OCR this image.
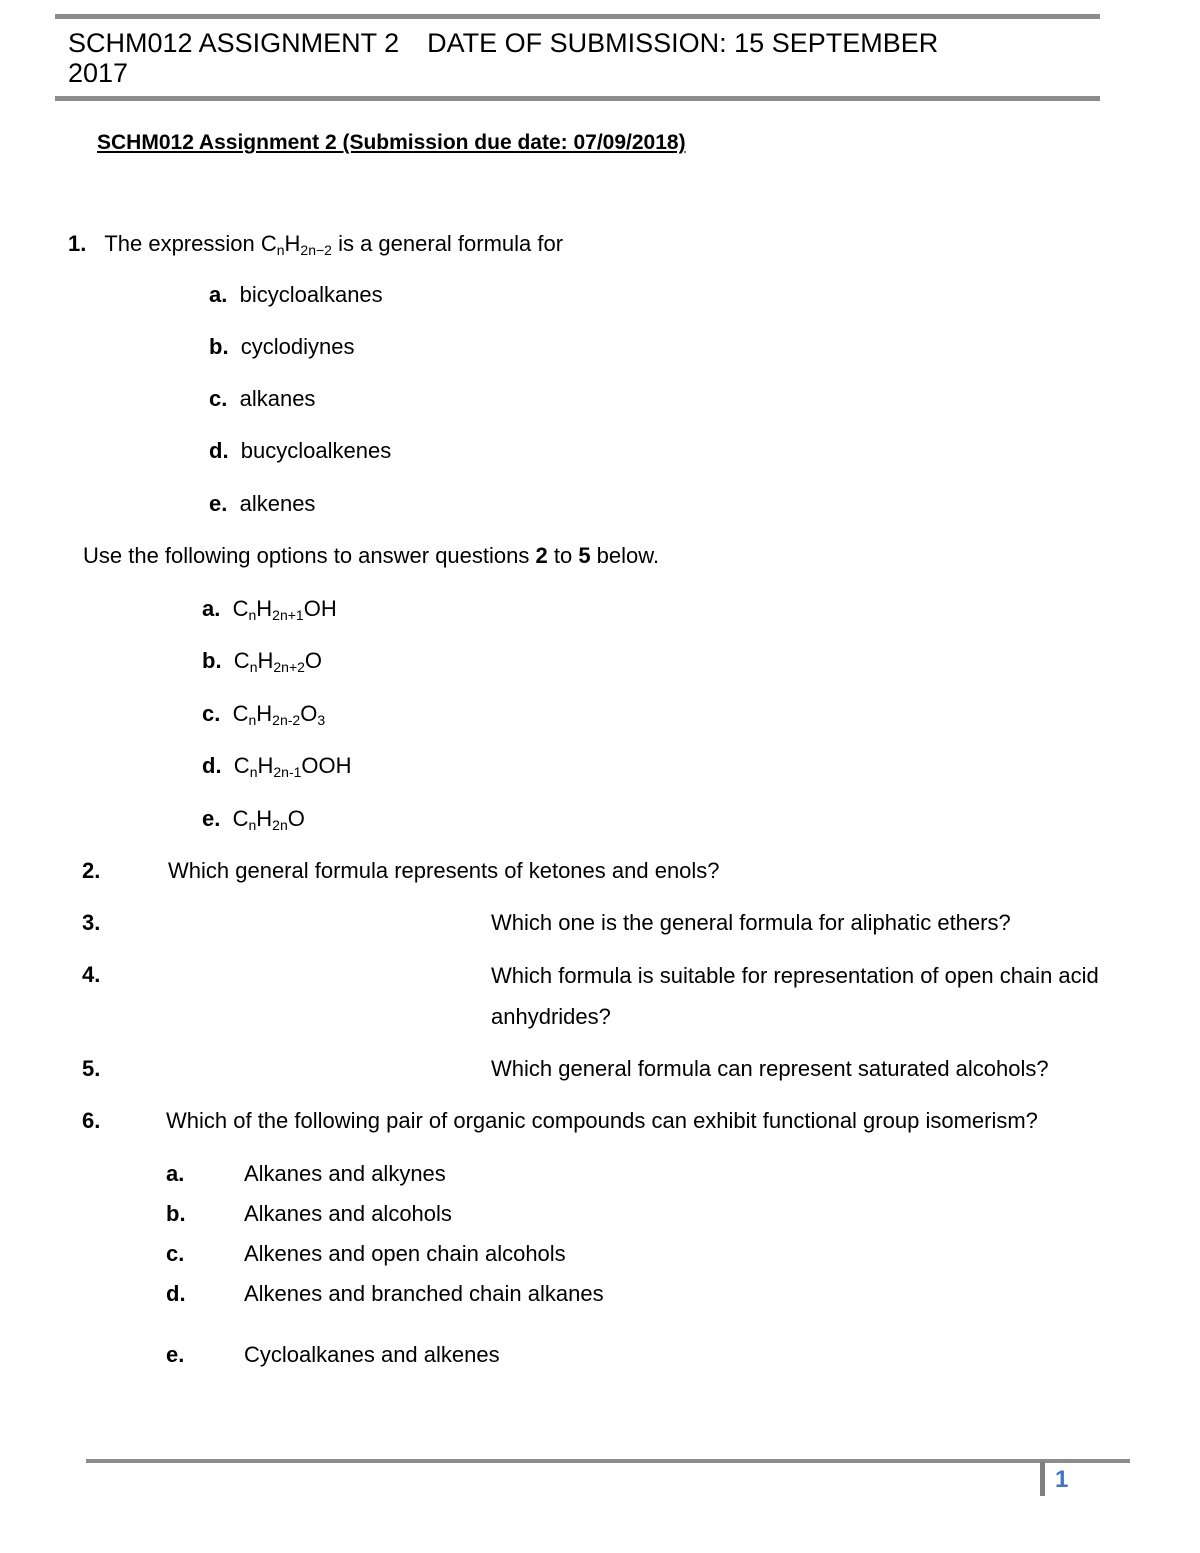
SCHM012 ASSIGNMENT 2 DATE OF SUBMISSION: 15 SEPTEMBER
2017
SCHM012 Assignment 2 (Submission due date: 07/09/2018)
1. The expression $C_nH_{2n-2}$ is a general formula for
a. bicycloalkanes
b. cyclodiynes
c. alkanes
d. bucycloalkenes
e. alkenes
Use the following options to answer questions 2 to 5 below.
a. $C_nH_{2n+1}OH$
b. $C_nH_{2n+2}O$
c. $C_nH_{2n-2}O_3$
d. $C_nH_{2n-1}OOH$
e. $C_nH_{2n}O$
2.	Which general formula represents of ketones and enols?
3.	Which one is the general formula for aliphatic ethers?
4.	Which formula is suitable for representation of open chain acid anhydrides?
5.	Which general formula can represent saturated alcohols?
6.	Which of the following pair of organic compounds can exhibit functional group isomerism?
a.	Alkanes and alkynes
b.	Alkanes and alcohols
c.	Alkenes and open chain alcohols
d.	Alkenes and branched chain alkanes
e.	Cycloalkanes and alkenes
1
